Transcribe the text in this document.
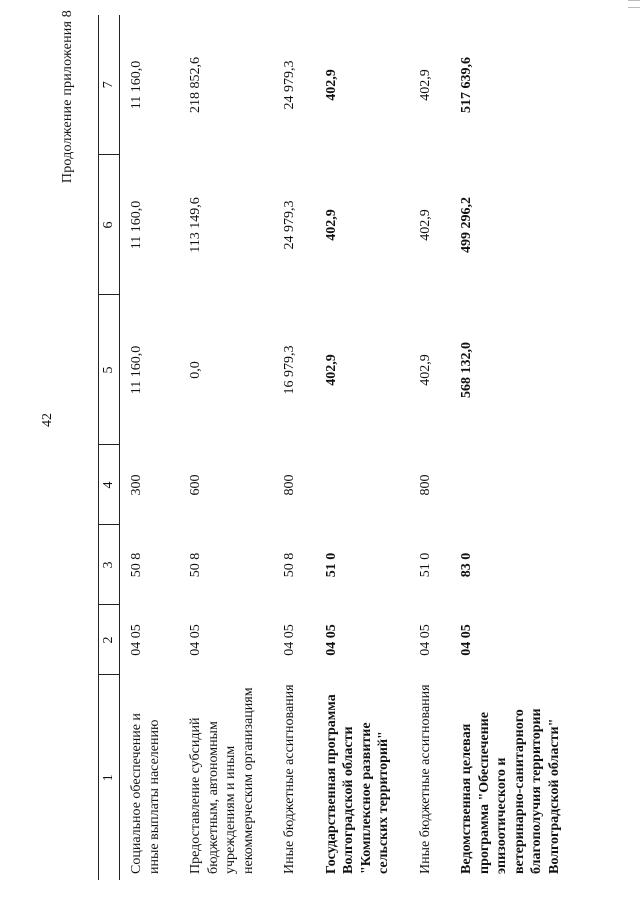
42
Продолжение приложения 8
1	2	3	4	5	6	7
Социальное обеспечение и иные выплаты населению	04 05	50 8	300	11 160,0	11 160,0	11 160,0
Предоставление субсидий бюджетным, автономным учреждениям и иным некоммерческим организациям	04 05	50 8	600	0,0	113 149,6	218 852,6
Иные бюджетные ассигнования	04 05	50 8	800	16 979,3	24 979,3	24 979,3
Государственная программа Волгоградской области "Комплексное развитие сельских территорий"	04 05	51 0		402,9	402,9	402,9
Иные бюджетные ассигнования	04 05	51 0	800	402,9	402,9	402,9
Ведомственная целевая программа "Обеспечение эпизоотического и ветеринарно-санитарного благополучия территории Волгоградской области"	04 05	83 0		568 132,0	499 296,2	517 639,6
